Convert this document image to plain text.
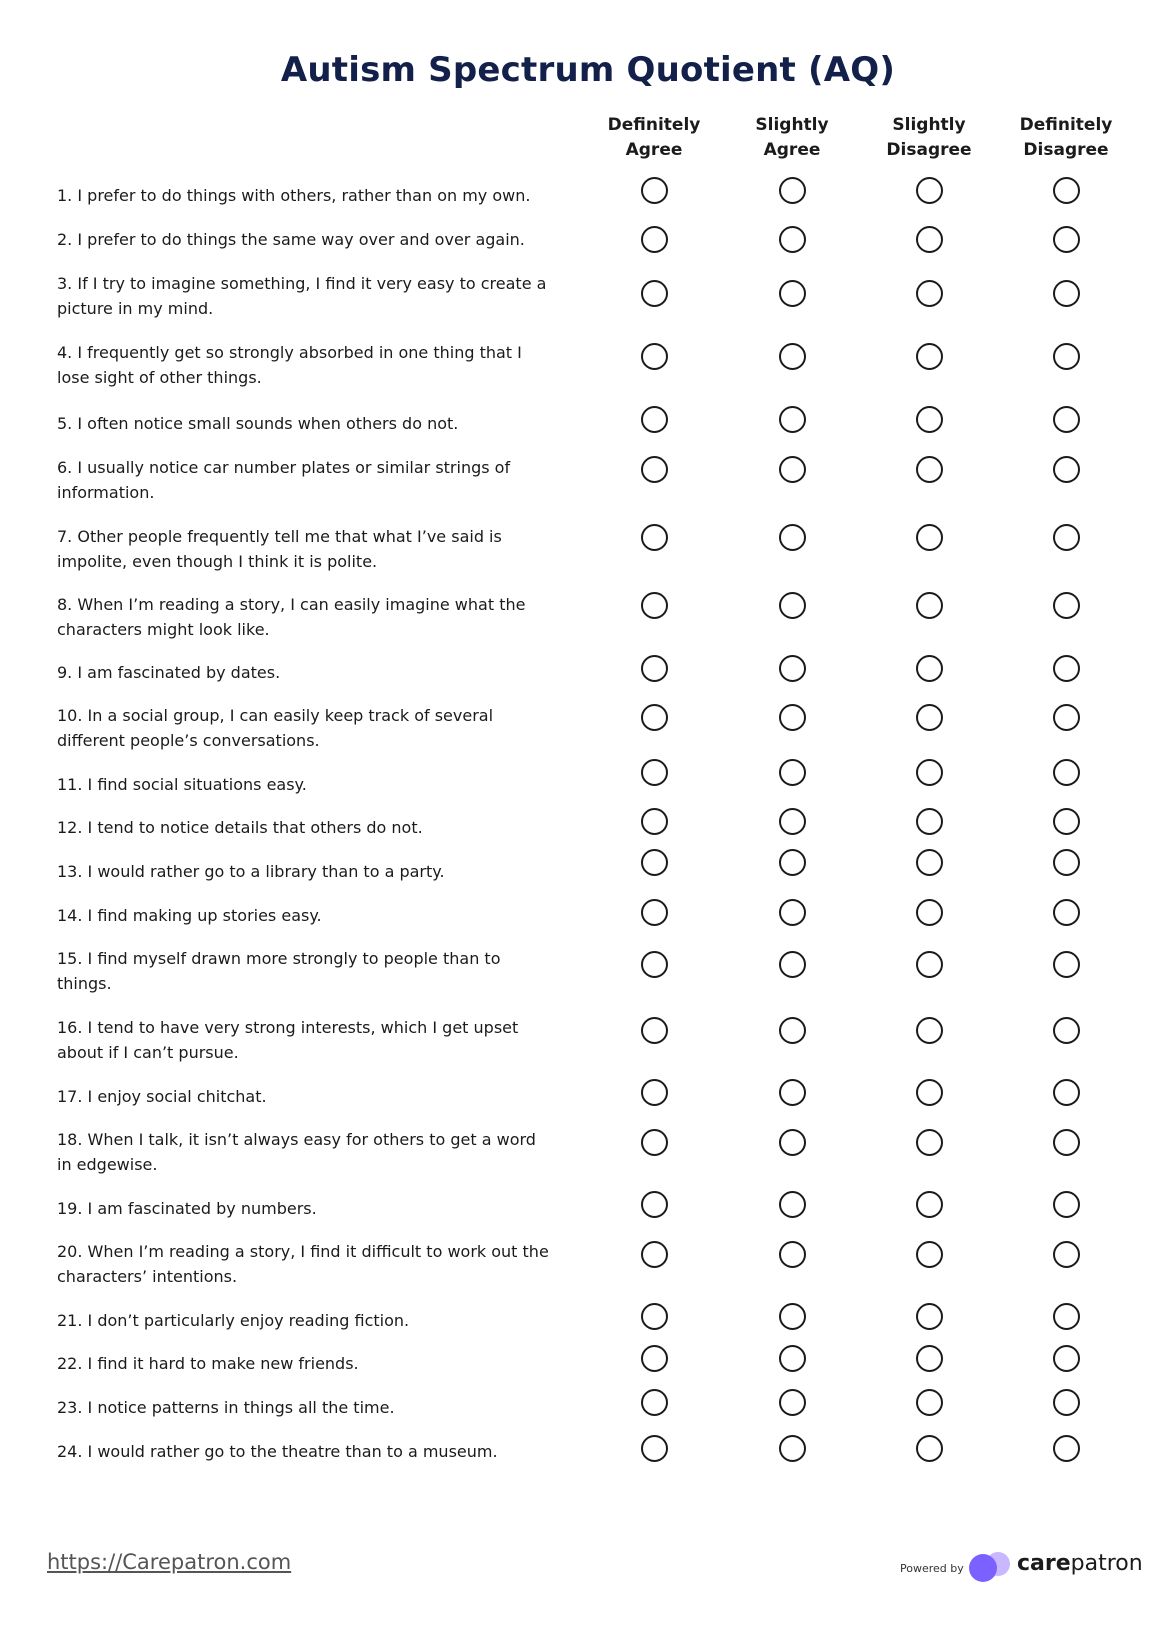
Autism Spectrum Quotient (AQ)
Definitely
Agree
Slightly
Agree
Slightly
Disagree
Definitely
Disagree
1. I prefer to do things with others, rather than on my own.
2. I prefer to do things the same way over and over again.
3. If I try to imagine something, I find it very easy to create a
picture in my mind.
4. I frequently get so strongly absorbed in one thing that I
lose sight of other things.
5. I often notice small sounds when others do not.
6. I usually notice car number plates or similar strings of
information.
7. Other people frequently tell me that what I’ve said is
impolite, even though I think it is polite.
8. When I’m reading a story, I can easily imagine what the
characters might look like.
9. I am fascinated by dates.
10. In a social group, I can easily keep track of several
different people’s conversations.
11. I find social situations easy.
12. I tend to notice details that others do not.
13. I would rather go to a library than to a party.
14. I find making up stories easy.
15. I find myself drawn more strongly to people than to
things.
16. I tend to have very strong interests, which I get upset
about if I can’t pursue.
17. I enjoy social chitchat.
18. When I talk, it isn’t always easy for others to get a word
in edgewise.
19. I am fascinated by numbers.
20. When I’m reading a story, I find it difficult to work out the
characters’ intentions.
21. I don’t particularly enjoy reading fiction.
22. I find it hard to make new friends.
23. I notice patterns in things all the time.
24. I would rather go to the theatre than to a museum.
https://Carepatron.com	Powered by carepatron
